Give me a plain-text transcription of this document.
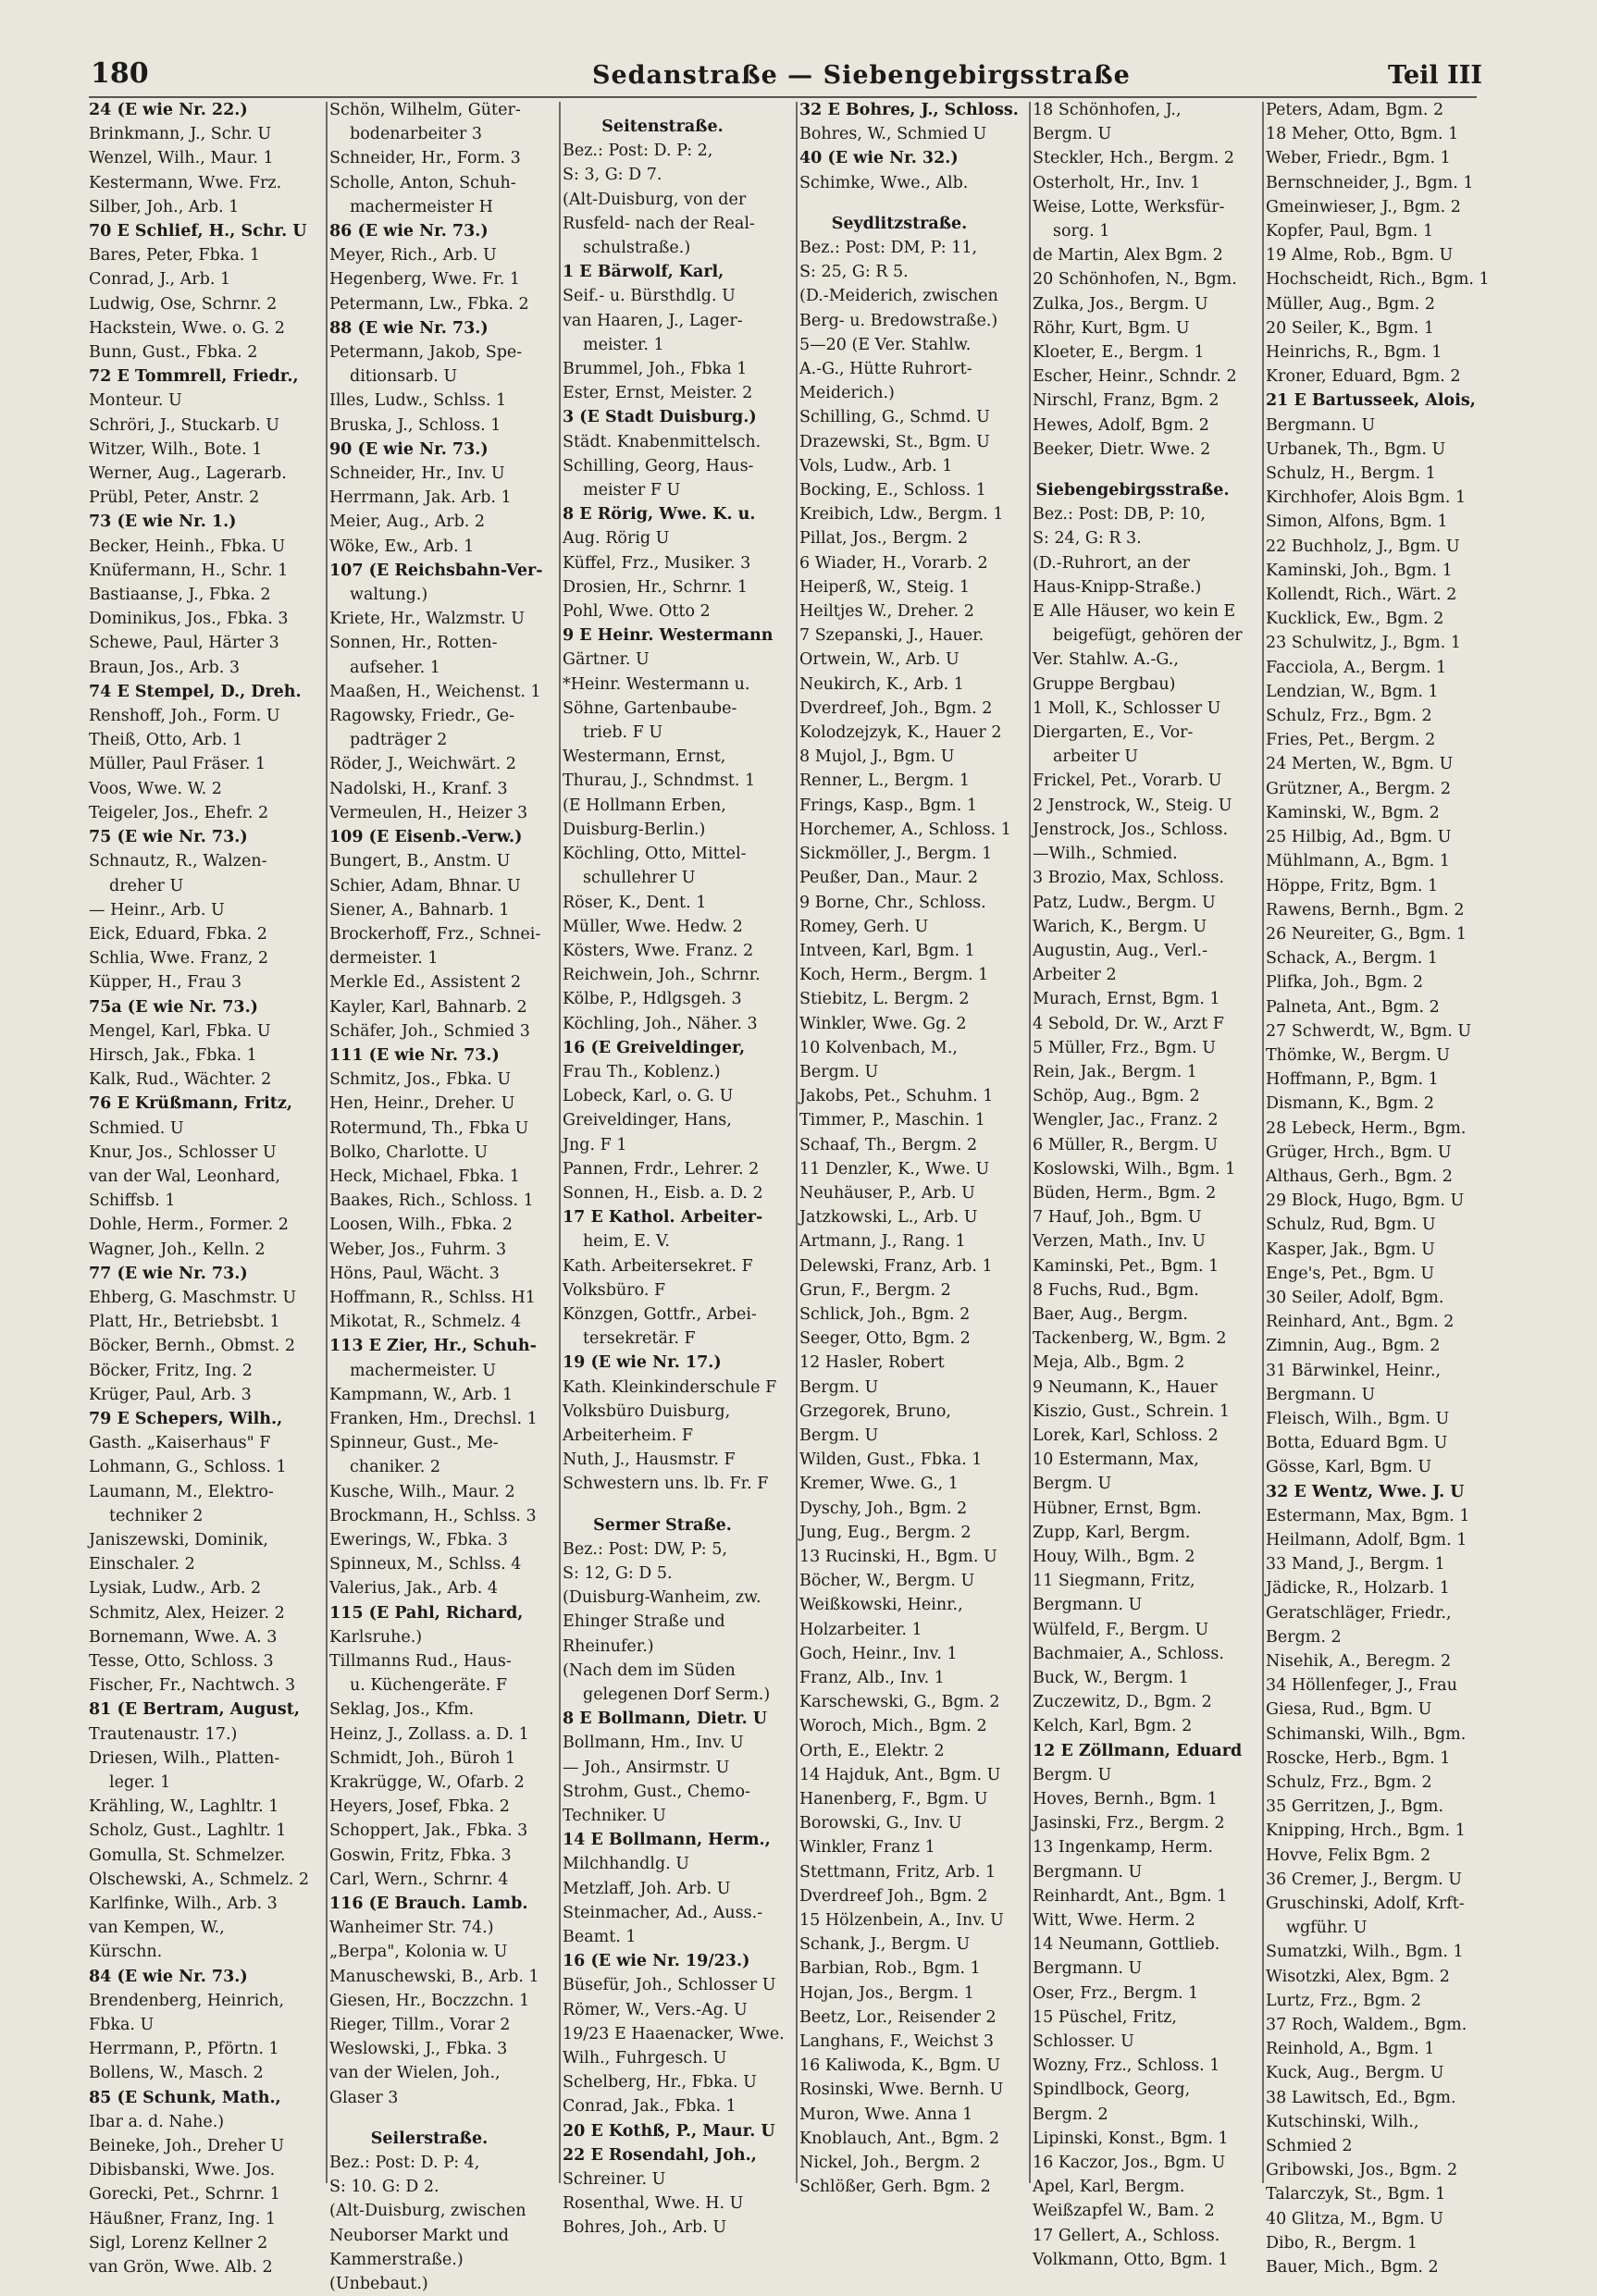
180	Sedanstraße — Siebengebirgsstraße	Teil III
24 (E wie Nr. 22.)
Brinkmann, J., Schr. U
Wenzel, Wilh., Maur. 1
Kestermann, Wwe. Frz.
Silber, Joh., Arb. 1
70 E Schlief, H., Schr. U
Bares, Peter, Fbka. 1
Conrad, J., Arb. 1
Ludwig, Ose, Schrnr. 2
Hackstein, Wwe. o. G. 2
Bunn, Gust., Fbka. 2
72 E Tommrell, Friedr.,
Monteur. U
Schröri, J., Stuckarb. U
Witzer, Wilh., Bote. 1
Werner, Aug., Lagerarb.
Prübl, Peter, Anstr. 2
73 (E wie Nr. 1.)
Becker, Heinh., Fbka. U
Knüfermann, H., Schr. 1
Bastiaanse, J., Fbka. 2
Dominikus, Jos., Fbka. 3
Schewe, Paul, Härter 3
Braun, Jos., Arb. 3
74 E Stempel, D., Dreh.
Renshoff, Joh., Form. U
Theiß, Otto, Arb. 1
Müller, Paul Fräser. 1
Voos, Wwe. W. 2
Teigeler, Jos., Ehefr. 2
75 (E wie Nr. 73.)
Schnautz, R., Walzen-
dreher U
— Heinr., Arb. U
Eick, Eduard, Fbka. 2
Schlia, Wwe. Franz, 2
Küpper, H., Frau 3
75a (E wie Nr. 73.)
Mengel, Karl, Fbka. U
Hirsch, Jak., Fbka. 1
Kalk, Rud., Wächter. 2
76 E Krüßmann, Fritz,
Schmied. U
Knur, Jos., Schlosser U
van der Wal, Leonhard,
Schiffsb. 1
Dohle, Herm., Former. 2
Wagner, Joh., Kelln. 2
77 (E wie Nr. 73.)
Ehberg, G. Maschmstr. U
Platt, Hr., Betriebsbt. 1
Böcker, Bernh., Obmst. 2
Böcker, Fritz, Ing. 2
Krüger, Paul, Arb. 3
79 E Schepers, Wilh.,
Gasth. „Kaiserhaus" F
Lohmann, G., Schloss. 1
Laumann, M., Elektro-
techniker 2
Janiszewski, Dominik,
Einschaler. 2
Lysiak, Ludw., Arb. 2
Schmitz, Alex, Heizer. 2
Bornemann, Wwe. A. 3
Tesse, Otto, Schloss. 3
Fischer, Fr., Nachtwch. 3
81 (E Bertram, August,
Trautenaustr. 17.)
Driesen, Wilh., Platten-
leger. 1
Krähling, W., Laghltr. 1
Scholz, Gust., Laghltr. 1
Gomulla, St. Schmelzer.
Olschewski, A., Schmelz. 2
Karlfinke, Wilh., Arb. 3
van Kempen, W.,
Kürschn.
84 (E wie Nr. 73.)
Brendenberg, Heinrich,
Fbka. U
Herrmann, P., Pförtn. 1
Bollens, W., Masch. 2
85 (E Schunk, Math.,
Ibar a. d. Nahe.)
Beineke, Joh., Dreher U
Dibisbanski, Wwe. Jos.
Gorecki, Pet., Schrnr. 1
Häußner, Franz, Ing. 1
Sigl, Lorenz Kellner 2
van Grön, Wwe. Alb. 2
Schön, Wilhelm, Güter-
bodenarbeiter 3
Schneider, Hr., Form. 3
Scholle, Anton, Schuh-
machermeister H
86 (E wie Nr. 73.)
Meyer, Rich., Arb. U
Hegenberg, Wwe. Fr. 1
Petermann, Lw., Fbka. 2
88 (E wie Nr. 73.)
Petermann, Jakob, Spe-
ditionsarb. U
Illes, Ludw., Schlss. 1
Bruska, J., Schloss. 1
90 (E wie Nr. 73.)
Schneider, Hr., Inv. U
Herrmann, Jak. Arb. 1
Meier, Aug., Arb. 2
Wöke, Ew., Arb. 1
107 (E Reichsbahn-Ver-
waltung.)
Kriete, Hr., Walzmstr. U
Sonnen, Hr., Rotten-
aufseher. 1
Maaßen, H., Weichenst. 1
Ragowsky, Friedr., Ge-
padträger 2
Röder, J., Weichwärt. 2
Nadolski, H., Kranf. 3
Vermeulen, H., Heizer 3
109 (E Eisenb.-Verw.)
Bungert, B., Anstm. U
Schier, Adam, Bhnar. U
Siener, A., Bahnarb. 1
Brockerhoff, Frz., Schnei-
dermeister. 1
Merkle Ed., Assistent 2
Kayler, Karl, Bahnarb. 2
Schäfer, Joh., Schmied 3
111 (E wie Nr. 73.)
Schmitz, Jos., Fbka. U
Hen, Heinr., Dreher. U
Rotermund, Th., Fbka U
Bolko, Charlotte. U
Heck, Michael, Fbka. 1
Baakes, Rich., Schloss. 1
Loosen, Wilh., Fbka. 2
Weber, Jos., Fuhrm. 3
Höns, Paul, Wächt. 3
Hoffmann, R., Schlss. H1
Mikotat, R., Schmelz. 4
113 E Zier, Hr., Schuh-
machermeister. U
Kampmann, W., Arb. 1
Franken, Hm., Drechsl. 1
Spinneur, Gust., Me-
chaniker. 2
Kusche, Wilh., Maur. 2
Brockmann, H., Schlss. 3
Ewerings, W., Fbka. 3
Spinneux, M., Schlss. 4
Valerius, Jak., Arb. 4
115 (E Pahl, Richard,
Karlsruhe.)
Tillmanns Rud., Haus-
u. Küchengeräte. F
Seklag, Jos., Kfm.
Heinz, J., Zollass. a. D. 1
Schmidt, Joh., Büroh 1
Krakrügge, W., Ofarb. 2
Heyers, Josef, Fbka. 2
Schoppert, Jak., Fbka. 3
Goswin, Fritz, Fbka. 3
Carl, Wern., Schrnr. 4
116 (E Brauch. Lamb.
Wanheimer Str. 74.)
„Berpa", Kolonia w. U
Manuschewski, B., Arb. 1
Giesen, Hr., Boczzchn. 1
Rieger, Tillm., Vorar 2
Weslowski, J., Fbka. 3
van der Wielen, Joh.,
Glaser 3
Seilerstraße.
Bez.: Post: D. P: 4,
S: 10. G: D 2.
(Alt-Duisburg, zwischen
Neuborser Markt und
Kammerstraße.)
(Unbebaut.)
Seitenstraße.
Bez.: Post: D. P: 2,
S: 3, G: D 7.
(Alt-Duisburg, von der
Rusfeld- nach der Real-
schulstraße.)
1 E Bärwolf, Karl,
Seif.- u. Bürsthdlg. U
van Haaren, J., Lager-
meister. 1
Brummel, Joh., Fbka 1
Ester, Ernst, Meister. 2
3 (E Stadt Duisburg.)
Städt. Knabenmittelsch.
Schilling, Georg, Haus-
meister F U
8 E Rörig, Wwe. K. u.
Aug. Rörig U
Küffel, Frz., Musiker. 3
Drosien, Hr., Schrnr. 1
Pohl, Wwe. Otto 2
9 E Heinr. Westermann
Gärtner. U
*Heinr. Westermann u.
Söhne, Gartenbaube-
trieb. F U
Westermann, Ernst,
Thurau, J., Schndmst. 1
(E Hollmann Erben,
Duisburg-Berlin.)
Köchling, Otto, Mittel-
schullehrer U
Röser, K., Dent. 1
Müller, Wwe. Hedw. 2
Kösters, Wwe. Franz. 2
Reichwein, Joh., Schrnr.
Kölbe, P., Hdlgsgeh. 3
Köchling, Joh., Näher. 3
16 (E Greiveldinger,
Frau Th., Koblenz.)
Lobeck, Karl, o. G. U
Greiveldinger, Hans,
Jng. F 1
Pannen, Frdr., Lehrer. 2
Sonnen, H., Eisb. a. D. 2
17 E Kathol. Arbeiter-
heim, E. V.
Kath. Arbeitersekret. F
Volksbüro. F
Könzgen, Gottfr., Arbei-
tersekretär. F
19 (E wie Nr. 17.)
Kath. Kleinkinderschule F
Volksbüro Duisburg,
Arbeiterheim. F
Nuth, J., Hausmstr. F
Schwestern uns. lb. Fr. F
Sermer Straße.
Bez.: Post: DW, P: 5,
S: 12, G: D 5.
(Duisburg-Wanheim, zw.
Ehinger Straße und
Rheinufer.)
(Nach dem im Süden
gelegenen Dorf Serm.)
8 E Bollmann, Dietr. U
Bollmann, Hm., Inv. U
— Joh., Ansirmstr. U
Strohm, Gust., Chemo-
Techniker. U
14 E Bollmann, Herm.,
Milchhandlg. U
Metzlaff, Joh. Arb. U
Steinmacher, Ad., Auss.-
Beamt. 1
16 (E wie Nr. 19/23.)
Büsefür, Joh., Schlosser U
Römer, W., Vers.-Ag. U
19/23 E Haaenacker, Wwe.
Wilh., Fuhrgesch. U
Schelberg, Hr., Fbka. U
Conrad, Jak., Fbka. 1
20 E Kothß, P., Maur. U
22 E Rosendahl, Joh.,
Schreiner. U
Rosenthal, Wwe. H. U
Bohres, Joh., Arb. U
32 E Bohres, J., Schloss.
Bohres, W., Schmied U
40 (E wie Nr. 32.)
Schimke, Wwe., Alb.
Seydlitzstraße.
Bez.: Post: DM, P: 11,
S: 25, G: R 5.
(D.-Meiderich, zwischen
Berg- u. Bredowstraße.)
5—20 (E Ver. Stahlw.
A.-G., Hütte Ruhrort-
Meiderich.)
Schilling, G., Schmd. U
Drazewski, St., Bgm. U
Vols, Ludw., Arb. 1
Bocking, E., Schloss. 1
Kreibich, Ldw., Bergm. 1
Pillat, Jos., Bergm. 2
6 Wiader, H., Vorarb. 2
Heiperß, W., Steig. 1
Heiltjes W., Dreher. 2
7 Szepanski, J., Hauer.
Ortwein, W., Arb. U
Neukirch, K., Arb. 1
Dverdreef, Joh., Bgm. 2
Kolodzejzyk, K., Hauer 2
8 Mujol, J., Bgm. U
Renner, L., Bergm. 1
Frings, Kasp., Bgm. 1
Horchemer, A., Schloss. 1
Sickmöller, J., Bergm. 1
Peußer, Dan., Maur. 2
9 Borne, Chr., Schloss.
Romey, Gerh. U
Intveen, Karl, Bgm. 1
Koch, Herm., Bergm. 1
Stiebitz, L. Bergm. 2
Winkler, Wwe. Gg. 2
10 Kolvenbach, M.,
Bergm. U
Jakobs, Pet., Schuhm. 1
Timmer, P., Maschin. 1
Schaaf, Th., Bergm. 2
11 Denzler, K., Wwe. U
Neuhäuser, P., Arb. U
Jatzkowski, L., Arb. U
Artmann, J., Rang. 1
Delewski, Franz, Arb. 1
Grun, F., Bergm. 2
Schlick, Joh., Bgm. 2
Seeger, Otto, Bgm. 2
12 Hasler, Robert
Bergm. U
Grzegorek, Bruno,
Bergm. U
Wilden, Gust., Fbka. 1
Kremer, Wwe. G., 1
Dyschy, Joh., Bgm. 2
Jung, Eug., Bergm. 2
13 Rucinski, H., Bgm. U
Böcher, W., Bergm. U
Weißkowski, Heinr.,
Holzarbeiter. 1
Goch, Heinr., Inv. 1
Franz, Alb., Inv. 1
Karschewski, G., Bgm. 2
Woroch, Mich., Bgm. 2
Orth, E., Elektr. 2
14 Hajduk, Ant., Bgm. U
Hanenberg, F., Bgm. U
Borowski, G., Inv. U
Winkler, Franz 1
Stettmann, Fritz, Arb. 1
Dverdreef Joh., Bgm. 2
15 Hölzenbein, A., Inv. U
Schank, J., Bergm. U
Barbian, Rob., Bgm. 1
Hojan, Jos., Bergm. 1
Beetz, Lor., Reisender 2
Langhans, F., Weichst 3
16 Kaliwoda, K., Bgm. U
Rosinski, Wwe. Bernh. U
Muron, Wwe. Anna 1
Knoblauch, Ant., Bgm. 2
Nickel, Joh., Bergm. 2
Schlößer, Gerh. Bgm. 2
18 Schönhofen, J.,
Bergm. U
Steckler, Hch., Bergm. 2
Osterholt, Hr., Inv. 1
Weise, Lotte, Werksfür-
sorg. 1
de Martin, Alex Bgm. 2
20 Schönhofen, N., Bgm.
Zulka, Jos., Bergm. U
Röhr, Kurt, Bgm. U
Kloeter, E., Bergm. 1
Escher, Heinr., Schndr. 2
Nirschl, Franz, Bgm. 2
Hewes, Adolf, Bgm. 2
Beeker, Dietr. Wwe. 2
Siebengebirgsstraße.
Bez.: Post: DB, P: 10,
S: 24, G: R 3.
(D.-Ruhrort, an der
Haus-Knipp-Straße.)
E Alle Häuser, wo kein E
beigefügt, gehören der
Ver. Stahlw. A.-G.,
Gruppe Bergbau)
1 Moll, K., Schlosser U
Diergarten, E., Vor-
arbeiter U
Frickel, Pet., Vorarb. U
2 Jenstrock, W., Steig. U
Jenstrock, Jos., Schloss.
—Wilh., Schmied.
3 Brozio, Max, Schloss.
Patz, Ludw., Bergm. U
Warich, K., Bergm. U
Augustin, Aug., Verl.-
Arbeiter 2
Murach, Ernst, Bgm. 1
4 Sebold, Dr. W., Arzt F
5 Müller, Frz., Bgm. U
Rein, Jak., Bergm. 1
Schöp, Aug., Bgm. 2
Wengler, Jac., Franz. 2
6 Müller, R., Bergm. U
Koslowski, Wilh., Bgm. 1
Büden, Herm., Bgm. 2
7 Hauf, Joh., Bgm. U
Verzen, Math., Inv. U
Kaminski, Pet., Bgm. 1
8 Fuchs, Rud., Bgm.
Baer, Aug., Bergm.
Tackenberg, W., Bgm. 2
Meja, Alb., Bgm. 2
9 Neumann, K., Hauer
Kiszio, Gust., Schrein. 1
Lorek, Karl, Schloss. 2
10 Estermann, Max,
Bergm. U
Hübner, Ernst, Bgm.
Zupp, Karl, Bergm.
Houy, Wilh., Bgm. 2
11 Siegmann, Fritz,
Bergmann. U
Wülfeld, F., Bergm. U
Bachmaier, A., Schloss.
Buck, W., Bergm. 1
Zuczewitz, D., Bgm. 2
Kelch, Karl, Bgm. 2
12 E Zöllmann, Eduard
Bergm. U
Hoves, Bernh., Bgm. 1
Jasinski, Frz., Bergm. 2
13 Ingenkamp, Herm.
Bergmann. U
Reinhardt, Ant., Bgm. 1
Witt, Wwe. Herm. 2
14 Neumann, Gottlieb.
Bergmann. U
Oser, Frz., Bergm. 1
15 Püschel, Fritz,
Schlosser. U
Wozny, Frz., Schloss. 1
Spindlbock, Georg,
Bergm. 2
Lipinski, Konst., Bgm. 1
16 Kaczor, Jos., Bgm. U
Apel, Karl, Bergm.
Weißzapfel W., Bam. 2
17 Gellert, A., Schloss.
Volkmann, Otto, Bgm. 1
Peters, Adam, Bgm. 2
18 Meher, Otto, Bgm. 1
Weber, Friedr., Bgm. 1
Bernschneider, J., Bgm. 1
Gmeinwieser, J., Bgm. 2
Kopfer, Paul, Bgm. 1
19 Alme, Rob., Bgm. U
Hochscheidt, Rich., Bgm. 1
Müller, Aug., Bgm. 2
20 Seiler, K., Bgm. 1
Heinrichs, R., Bgm. 1
Kroner, Eduard, Bgm. 2
21 E Bartusseek, Alois,
Bergmann. U
Urbanek, Th., Bgm. U
Schulz, H., Bergm. 1
Kirchhofer, Alois Bgm. 1
Simon, Alfons, Bgm. 1
22 Buchholz, J., Bgm. U
Kaminski, Joh., Bgm. 1
Kollendt, Rich., Wärt. 2
Kucklick, Ew., Bgm. 2
23 Schulwitz, J., Bgm. 1
Facciola, A., Bergm. 1
Lendzian, W., Bgm. 1
Schulz, Frz., Bgm. 2
Fries, Pet., Bergm. 2
24 Merten, W., Bgm. U
Grützner, A., Bergm. 2
Kaminski, W., Bgm. 2
25 Hilbig, Ad., Bgm. U
Mühlmann, A., Bgm. 1
Höppe, Fritz, Bgm. 1
Rawens, Bernh., Bgm. 2
26 Neureiter, G., Bgm. 1
Schack, A., Bergm. 1
Plifka, Joh., Bgm. 2
Palneta, Ant., Bgm. 2
27 Schwerdt, W., Bgm. U
Thömke, W., Bergm. U
Hoffmann, P., Bgm. 1
Dismann, K., Bgm. 2
28 Lebeck, Herm., Bgm.
Grüger, Hrch., Bgm. U
Althaus, Gerh., Bgm. 2
29 Block, Hugo, Bgm. U
Schulz, Rud, Bgm. U
Kasper, Jak., Bgm. U
Enge's, Pet., Bgm. U
30 Seiler, Adolf, Bgm.
Reinhard, Ant., Bgm. 2
Zimnin, Aug., Bgm. 2
31 Bärwinkel, Heinr.,
Bergmann. U
Fleisch, Wilh., Bgm. U
Botta, Eduard Bgm. U
Gösse, Karl, Bgm. U
32 E Wentz, Wwe. J. U
Estermann, Max, Bgm. 1
Heilmann, Adolf, Bgm. 1
33 Mand, J., Bergm. 1
Jädicke, R., Holzarb. 1
Geratschläger, Friedr.,
Bergm. 2
Nisehik, A., Beregm. 2
34 Höllenfeger, J., Frau
Giesa, Rud., Bgm. U
Schimanski, Wilh., Bgm.
Roscke, Herb., Bgm. 1
Schulz, Frz., Bgm. 2
35 Gerritzen, J., Bgm.
Knipping, Hrch., Bgm. 1
Hovve, Felix Bgm. 2
36 Cremer, J., Bergm. U
Gruschinski, Adolf, Krft-
wgführ. U
Sumatzki, Wilh., Bgm. 1
Wisotzki, Alex, Bgm. 2
Lurtz, Frz., Bgm. 2
37 Roch, Waldem., Bgm.
Reinhold, A., Bgm. 1
Kuck, Aug., Bergm. U
38 Lawitsch, Ed., Bgm.
Kutschinski, Wilh.,
Schmied 2
Gribowski, Jos., Bgm. 2
Talarczyk, St., Bgm. 1
40 Glitza, M., Bgm. U
Dibo, R., Bergm. 1
Bauer, Mich., Bgm. 2
